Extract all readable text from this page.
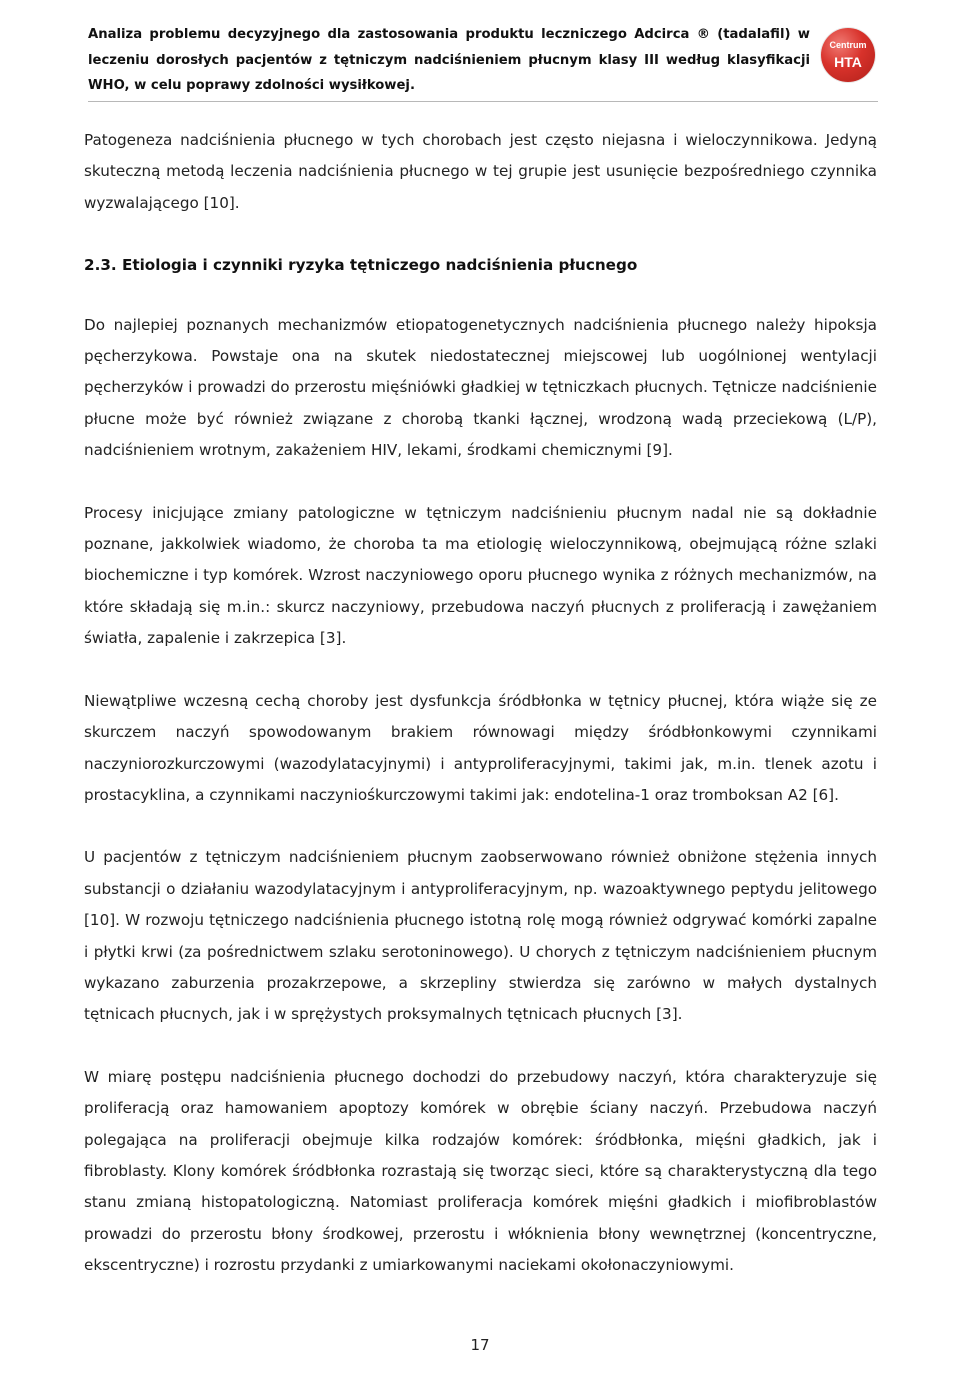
Analiza problemu decyzyjnego dla zastosowania produktu leczniczego Adcirca ® (tadalafil) w leczeniu dorosłych pacjentów z tętniczym nadciśnieniem płucnym klasy III według klasyfikacji WHO, w celu poprawy zdolności wysiłkowej.
Centrum
HTA

Patogeneza nadciśnienia płucnego w tych chorobach jest często niejasna i wieloczynnikowa. Jedyną skuteczną metodą leczenia nadciśnienia płucnego w tej grupie jest usunięcie bezpośredniego czynnika wyzwalającego [10].

2.3. Etiologia i czynniki ryzyka tętniczego nadciśnienia płucnego

Do najlepiej poznanych mechanizmów etiopatogenetycznych nadciśnienia płucnego należy hipoksja pęcherzykowa. Powstaje ona na skutek niedostatecznej miejscowej lub uogólnionej wentylacji pęcherzyków i prowadzi do przerostu mięśniówki gładkiej w tętniczkach płucnych. Tętnicze nadciśnienie płucne może być również związane z chorobą tkanki łącznej, wrodzoną wadą przeciekową (L/P), nadciśnieniem wrotnym, zakażeniem HIV, lekami, środkami chemicznymi [9].

Procesy inicjujące zmiany patologiczne w tętniczym nadciśnieniu płucnym nadal nie są dokładnie poznane, jakkolwiek wiadomo, że choroba ta ma etiologię wieloczynnikową, obejmującą różne szlaki biochemiczne i typ komórek. Wzrost naczyniowego oporu płucnego wynika z różnych mechanizmów, na które składają się m.in.: skurcz naczyniowy, przebudowa naczyń płucnych z proliferacją i zawężaniem światła, zapalenie i zakrzepica [3].

Niewątpliwe wczesną cechą choroby jest dysfunkcja śródbłonka w tętnicy płucnej, która wiąże się ze skurczem naczyń spowodowanym brakiem równowagi między śródbłonkowymi czynnikami naczyniorozkurczowymi (wazodylatacyjnymi) i antyproliferacyjnymi, takimi jak, m.in. tlenek azotu i prostacyklina, a czynnikami naczyniośkurczowymi takimi jak: endotelina-1 oraz tromboksan A2 [6].

U pacjentów z tętniczym nadciśnieniem płucnym zaobserwowano również obniżone stężenia innych substancji o działaniu wazodylatacyjnym i antyproliferacyjnym, np. wazoaktywnego peptydu jelitowego [10]. W rozwoju tętniczego nadciśnienia płucnego istotną rolę mogą również odgrywać komórki zapalne i płytki krwi (za pośrednictwem szlaku serotoninowego). U chorych z tętniczym nadciśnieniem płucnym wykazano zaburzenia prozakrzepowe, a skrzepliny stwierdza się zarówno w małych dystalnych tętnicach płucnych, jak i w sprężystych proksymalnych tętnicach płucnych [3].

W miarę postępu nadciśnienia płucnego dochodzi do przebudowy naczyń, która charakteryzuje się proliferacją oraz hamowaniem apoptozy komórek w obrębie ściany naczyń. Przebudowa naczyń polegająca na proliferacji obejmuje kilka rodzajów komórek: śródbłonka, mięśni gładkich, jak i fibroblasty. Klony komórek śródbłonka rozrastają się tworząc sieci, które są charakterystyczną dla tego stanu zmianą histopatologiczną. Natomiast proliferacja komórek mięśni gładkich i miofibroblastów prowadzi do przerostu błony środkowej, przerostu i włóknienia błony wewnętrznej (koncentryczne, ekscentryczne) i rozrostu przydanki z umiarkowanymi naciekami okołonaczyniowymi.

17
